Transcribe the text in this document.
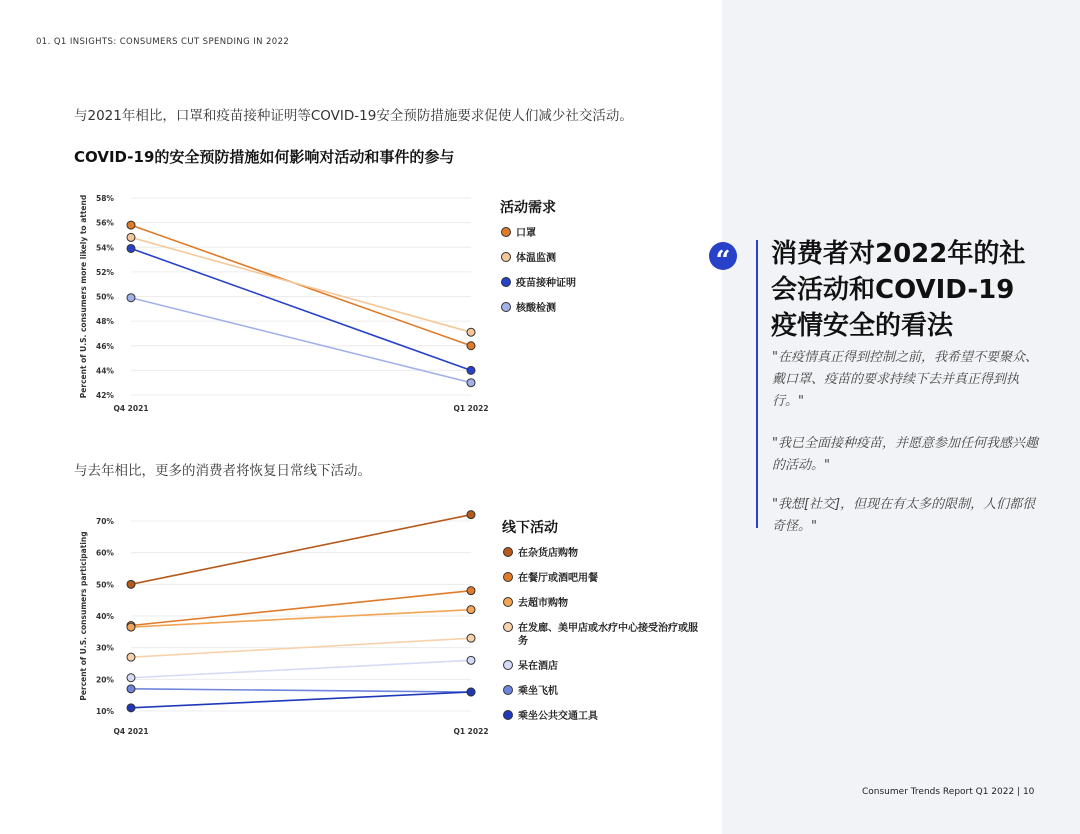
01. Q1 INSIGHTS: CONSUMERS CUT SPENDING IN 2022
与2021年相比，口罩和疫苗接种证明等COVID-19安全预防措施要求促使人们减少社交活动。
COVID-19的安全预防措施如何影响对活动和事件的参与
58%
56%
54%
52%
50%
48%
46%
44%
42%
Q4 2021	Q1 2022
Percent of U.S. consumers more likely to attend	活动需求
口罩
体温监测
疫苗接种证明
核酸检测
与去年相比，更多的消费者将恢复日常线下活动。
70%
60%
50%
40%
30%
20%
10%
Q4 2021	Q1 2022
Percent of U.S. consumers participating
线下活动
在杂货店购物
在餐厅或酒吧用餐
去超市购物
在发廊、美甲店或水疗中心接受治疗或服
务
呆在酒店
乘坐飞机
乘坐公共交通工具
“ 消费者对2022年的社
会活动和COVID-19
疫情安全的看法
"在疫情真正得到控制之前，我希望不要聚众、戴口罩、疫苗的要求持续下去并真正得到执行。"
"我已全面接种疫苗，并愿意参加任何我感兴趣的活动。"
"我想[社交]，但现在有太多的限制，人们都很奇怪。"
Consumer Trends Report Q1 2022 | 10
